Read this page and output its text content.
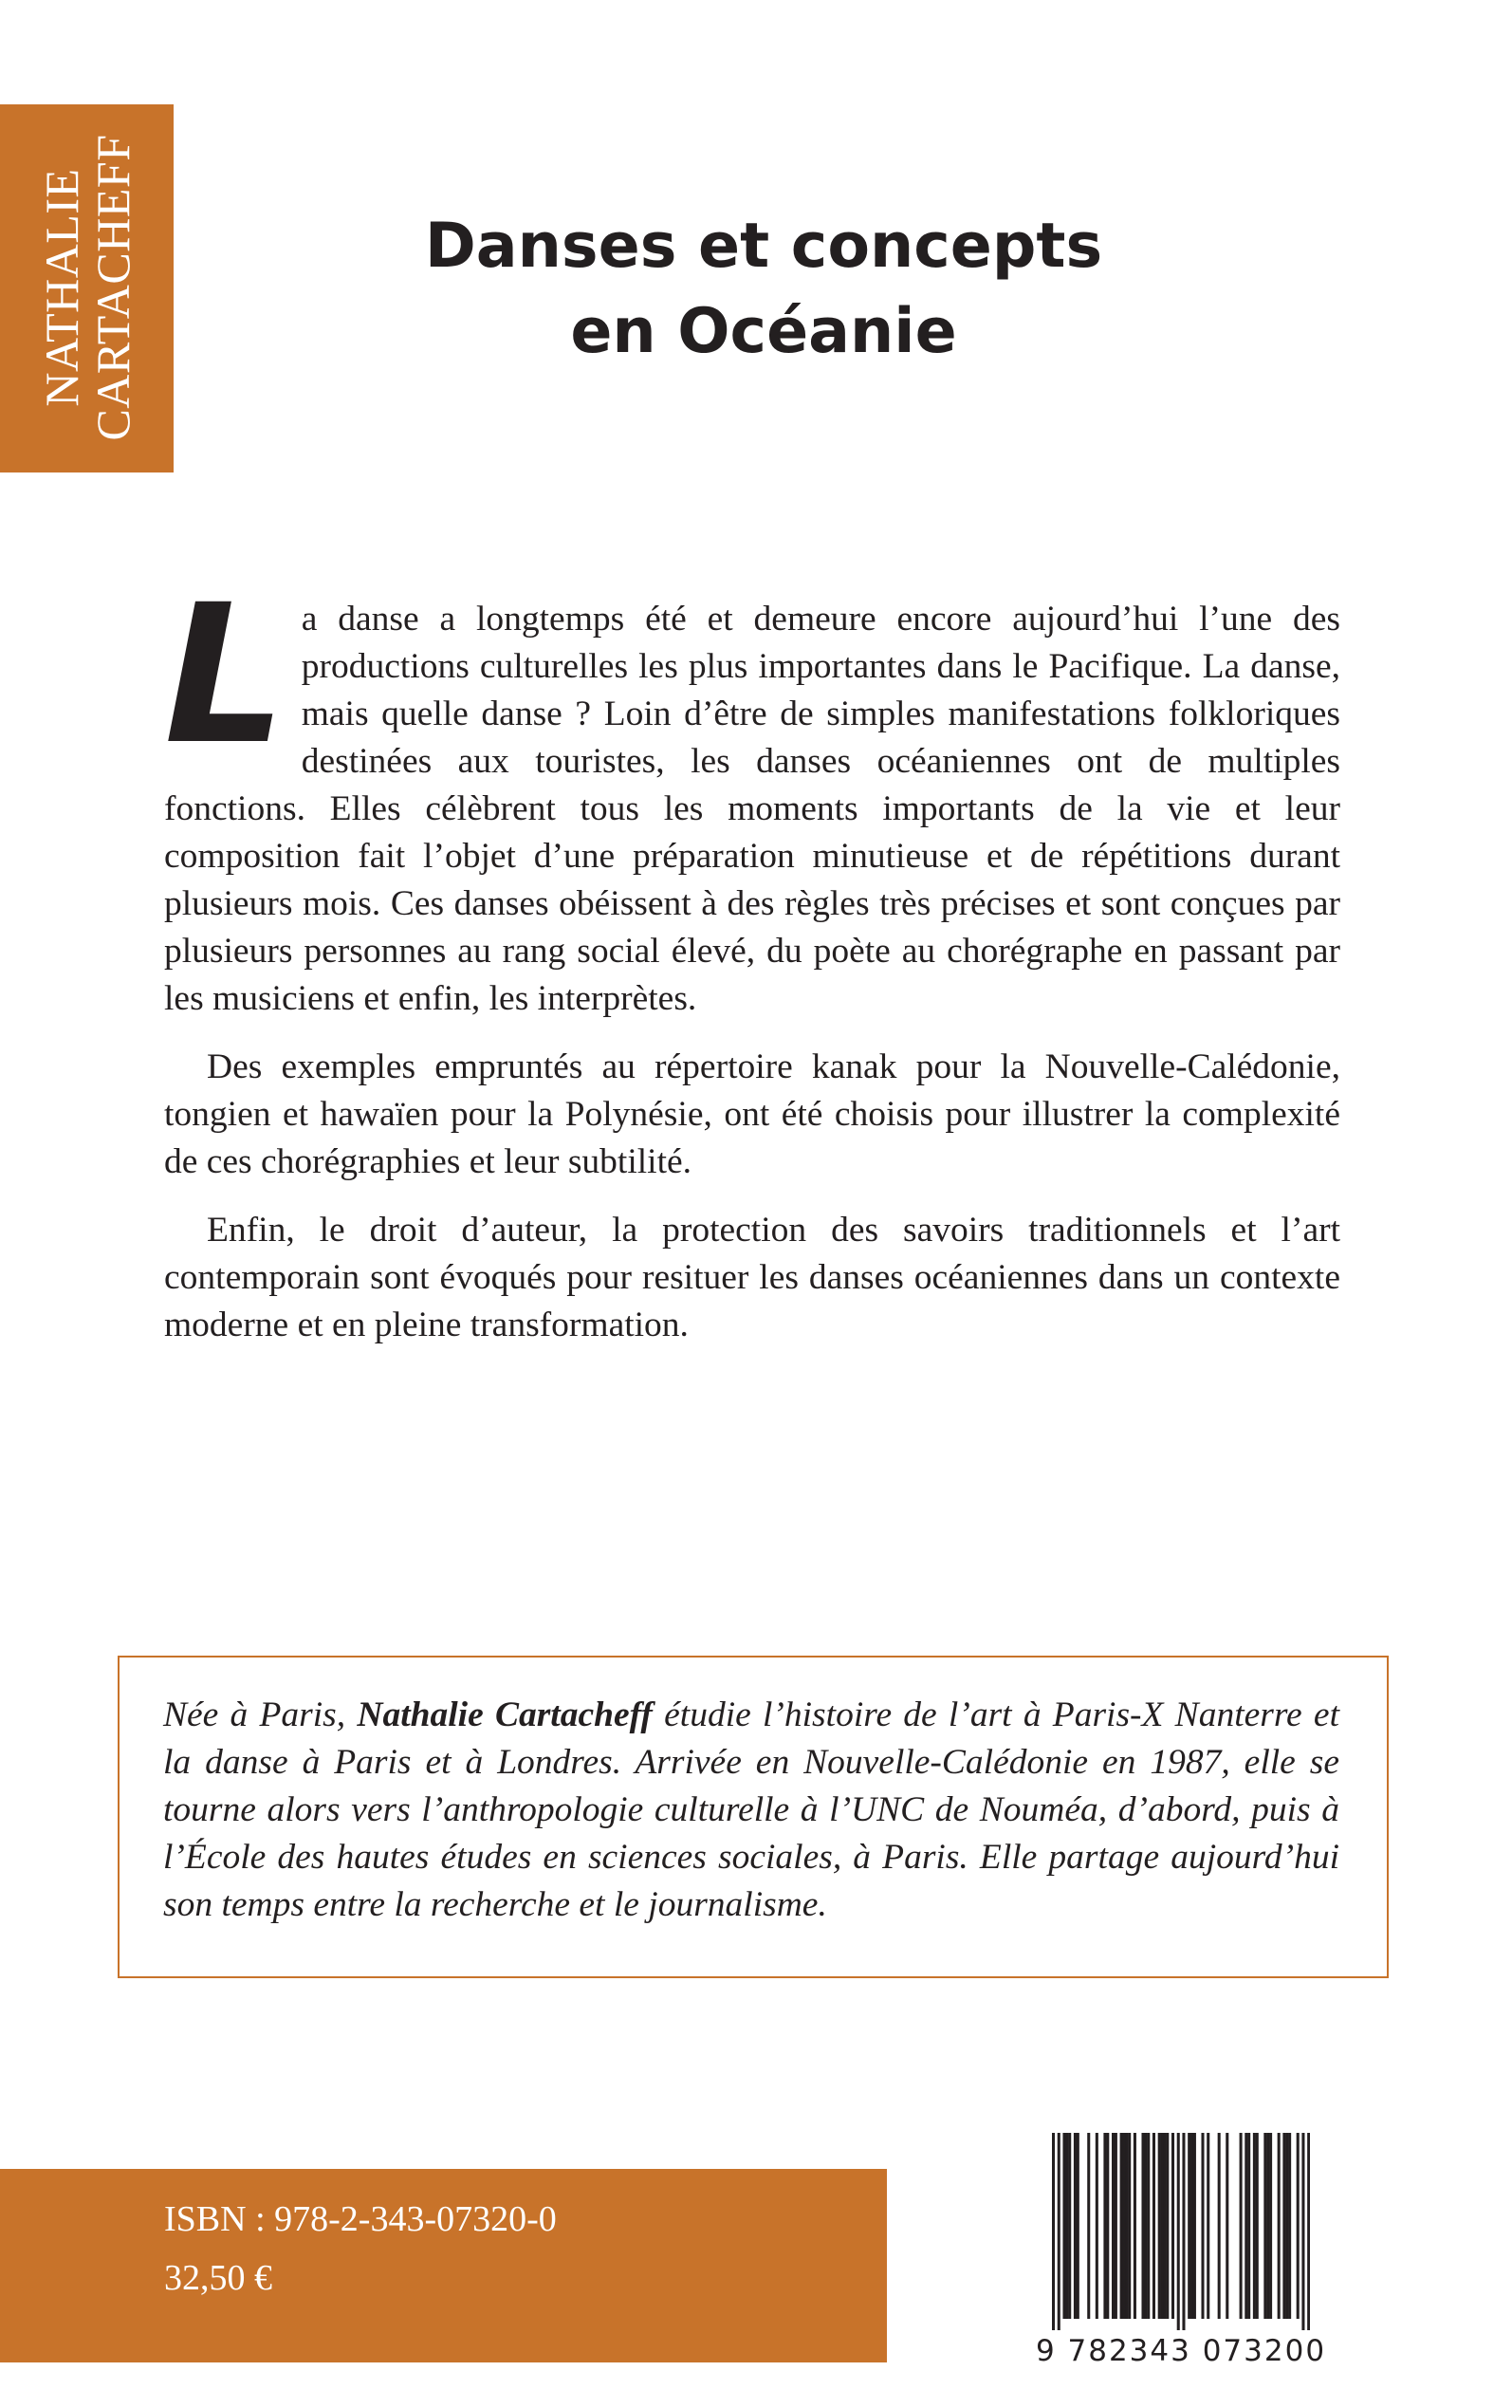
NATHALIE
CARTACHEFF	Danses et concepts
en Océanie

La danse a longtemps été et demeure encore aujourd’hui l’une des productions culturelles les plus importantes dans le Pacifique. La danse, mais quelle danse ? Loin d’être de simples manifestations folkloriques destinées aux touristes, les danses océaniennes ont de multiples fonctions. Elles célèbrent tous les moments importants de la vie et leur composition fait l’objet d’une préparation minutieuse et de répétitions durant plusieurs mois. Ces danses obéissent à des règles très précises et sont conçues par plusieurs personnes au rang social élevé, du poète au chorégraphe en passant par les musiciens et enfin, les interprètes.

Des exemples empruntés au répertoire kanak pour la Nouvelle-Calédonie, tongien et hawaïen pour la Polynésie, ont été choisis pour illustrer la complexité de ces chorégraphies et leur subtilité.

Enfin, le droit d’auteur, la protection des savoirs traditionnels et l’art contemporain sont évoqués pour resituer les danses océaniennes dans un contexte moderne et en pleine transformation.

Née à Paris, Nathalie Cartacheff étudie l’histoire de l’art à Paris-X Nanterre et la danse à Paris et à Londres. Arrivée en Nouvelle-Calédonie en 1987, elle se tourne alors vers l’anthropologie culturelle à l’UNC de Nouméa, d’abord, puis à l’École des hautes études en sciences sociales, à Paris. Elle partage aujourd’hui son temps entre la recherche et le journalisme.
ISBN : 978-2-343-07320-0
32,50 €
9 782343 073200
